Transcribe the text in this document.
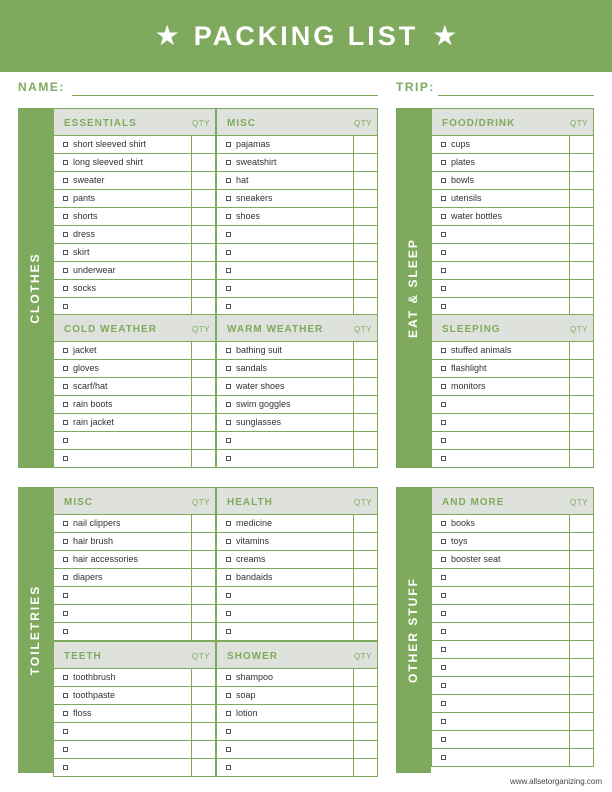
★ PACKING LIST ★
NAME:	TRIP:
CLOTHES
ESSENTIALS	QTY
short sleeved shirt
long sleeved shirt
sweater
pants
shorts
dress
skirt
underwear
socks
MISC	QTY
pajamas
sweatshirt
hat
sneakers
shoes
COLD WEATHER	QTY
jacket
gloves
scarf/hat
rain boots
rain jacket
WARM WEATHER	QTY
bathing suit
sandals
water shoes
swim goggles
sunglasses
EAT & SLEEP
FOOD/DRINK	QTY
cups
plates
bowls
utensils
water bottles
SLEEPING	QTY
stuffed animals
flashlight
monitors
TOILETRIES
MISC	QTY
nail clippers
hair brush
hair accessories
diapers
HEALTH	QTY
medicine
vitamins
creams
bandaids
TEETH	QTY
toothbrush
toothpaste
floss
SHOWER	QTY
shampoo
soap
lotion
OTHER STUFF
AND MORE	QTY
books
toys
booster seat
www.allsetorganizing.com
